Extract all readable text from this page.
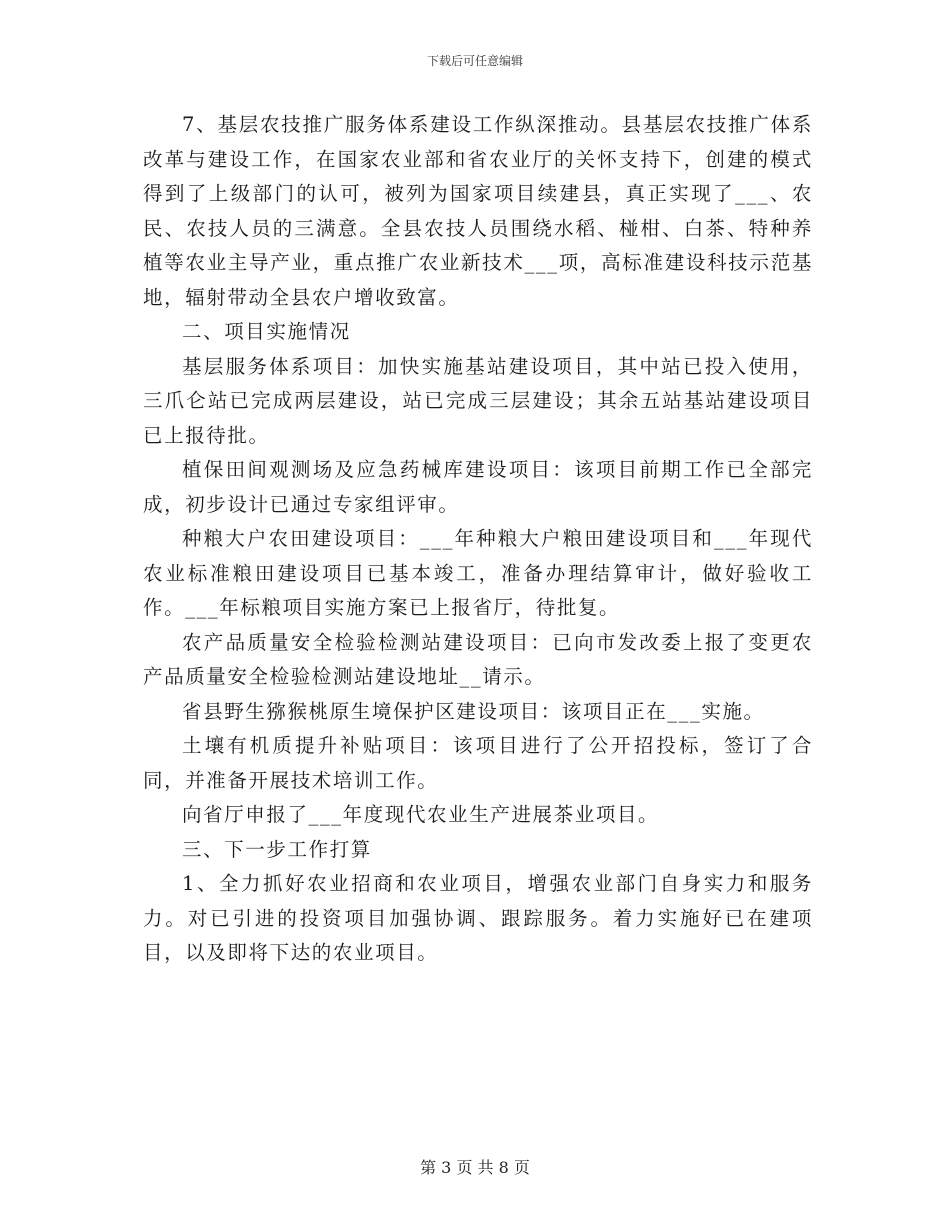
下载后可任意编辑

7、基层农技推广服务体系建设工作纵深推动。县基层农技推广体系改革与建设工作，在国家农业部和省农业厅的关怀支持下，创建的模式得到了上级部门的认可，被列为国家项目续建县，真正实现了___、农民、农技人员的三满意。全县农技人员围绕水稻、椪柑、白茶、特种养植等农业主导产业，重点推广农业新技术___项，高标准建设科技示范基地，辐射带动全县农户增收致富。

二、项目实施情况

基层服务体系项目：加快实施基站建设项目，其中站已投入使用，三爪仑站已完成两层建设，站已完成三层建设；其余五站基站建设项目已上报待批。

植保田间观测场及应急药械库建设项目：该项目前期工作已全部完成，初步设计已通过专家组评审。

种粮大户农田建设项目：___年种粮大户粮田建设项目和___年现代农业标准粮田建设项目已基本竣工，准备办理结算审计，做好验收工作。___年标粮项目实施方案已上报省厅，待批复。

农产品质量安全检验检测站建设项目：已向市发改委上报了变更农产品质量安全检验检测站建设地址__请示。

省县野生猕猴桃原生境保护区建设项目：该项目正在___实施。

土壤有机质提升补贴项目：该项目进行了公开招投标，签订了合同，并准备开展技术培训工作。

向省厅申报了___年度现代农业生产进展茶业项目。

三、下一步工作打算

1、全力抓好农业招商和农业项目，增强农业部门自身实力和服务力。对已引进的投资项目加强协调、跟踪服务。着力实施好已在建项目，以及即将下达的农业项目。

第 3 页 共 8 页
